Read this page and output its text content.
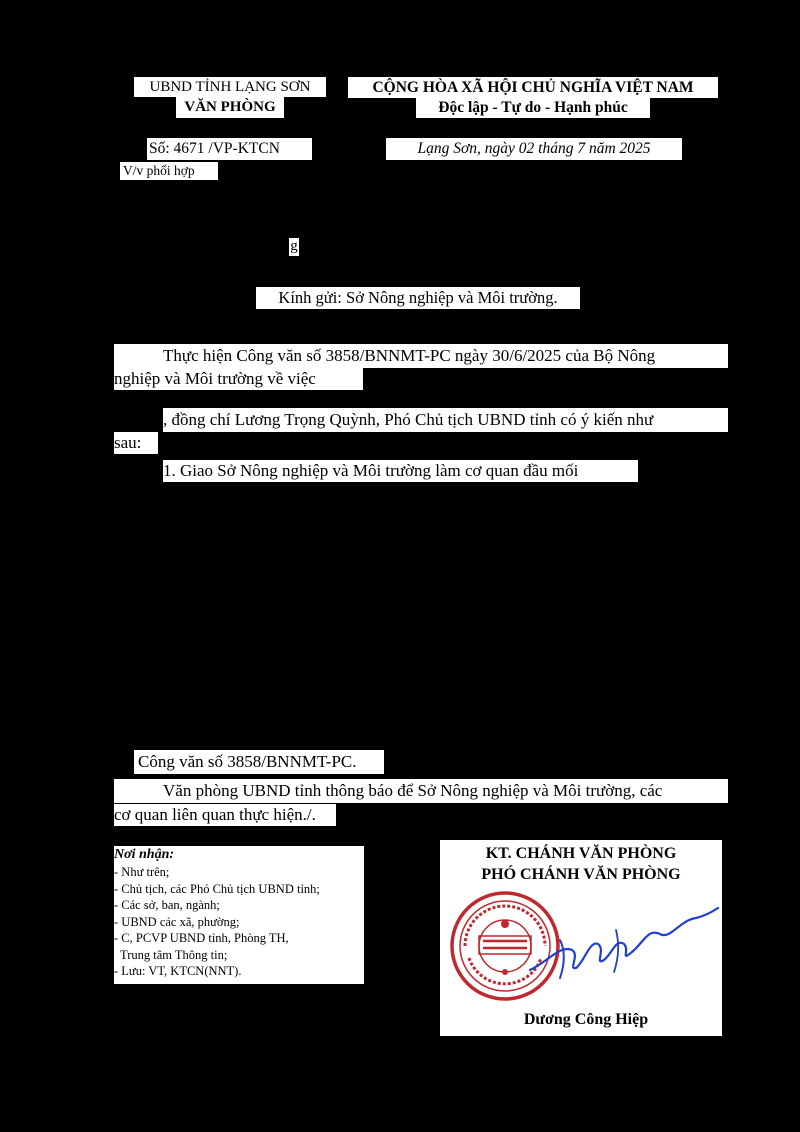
UBND TỈNH LẠNG SƠN
VĂN PHÒNG
Số: 4671 /VP-KTCN
V/v phối hợp
CỘNG HÒA XÃ HỘI CHỦ NGHĨA VIỆT NAM
Độc lập - Tự do - Hạnh phúc
Lạng Sơn, ngày 02 tháng 7 năm 2025
g
Kính gửi: Sở Nông nghiệp và Môi trường.
Thực hiện Công văn số 3858/BNNMT-PC ngày 30/6/2025 của Bộ Nông
nghiệp và Môi trường về việc
, đồng chí Lương Trọng Quỳnh, Phó Chủ tịch UBND tỉnh có ý kiến như
sau:
1. Giao Sở Nông nghiệp và Môi trường làm cơ quan đầu mối
Công văn số 3858/BNNMT-PC.
Văn phòng UBND tỉnh thông báo để Sở Nông nghiệp và Môi trường, các
cơ quan liên quan thực hiện./.
Nơi nhận:
- Như trên;
- Chủ tịch, các Phó Chủ tịch UBND tỉnh;
- Các sở, ban, ngành;
- UBND các xã, phường;
- C, PCVP UBND tỉnh, Phòng TH,
Trung tâm Thông tin;
- Lưu: VT, KTCN(NNT).
KT. CHÁNH VĂN PHÒNG
PHÓ CHÁNH VĂN PHÒNG
Dương Công Hiệp
